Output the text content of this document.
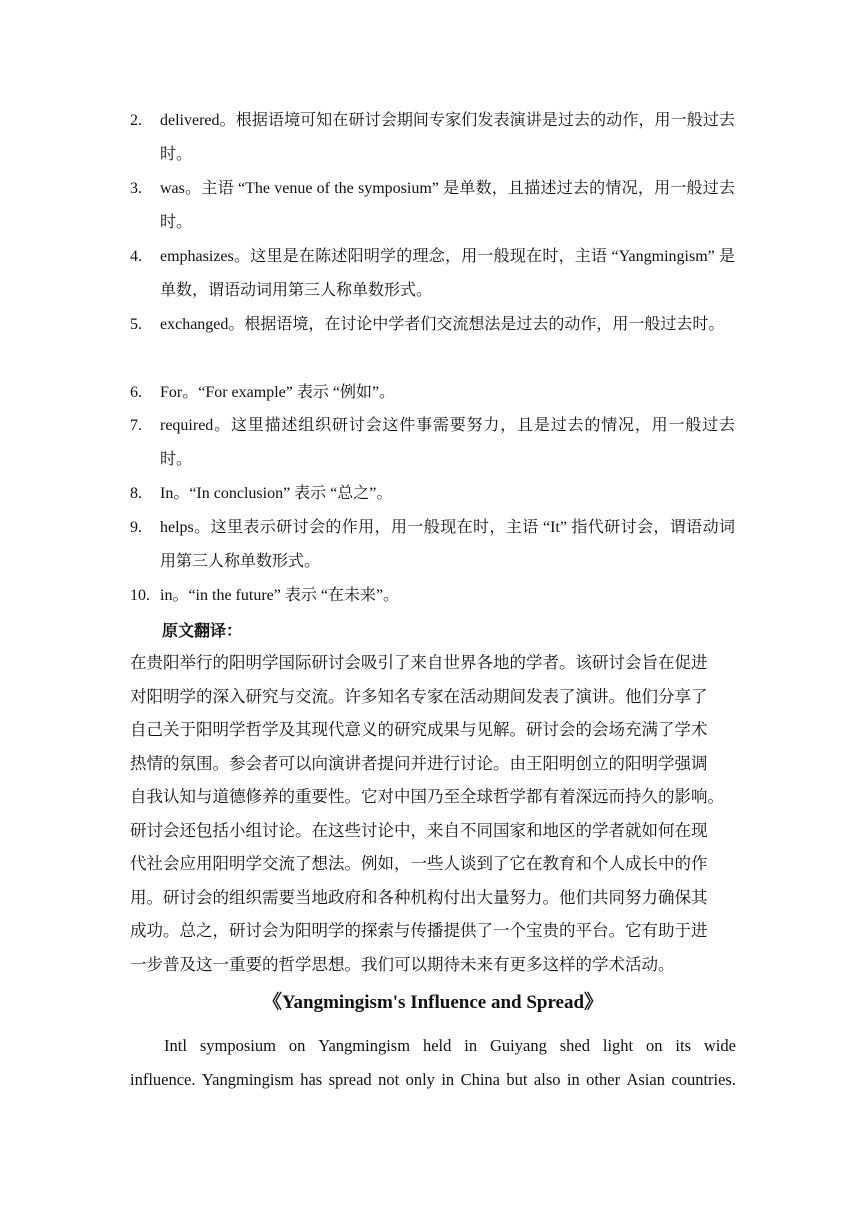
2.	delivered。根据语境可知在研讨会期间专家们发表演讲是过去的动作，用一般过去时。
3.	was。主语 “The venue of the symposium” 是单数，且描述过去的情况，用一般过去时。
4.	emphasizes。这里是在陈述阳明学的理念，用一般现在时，主语 “Yangmingism” 是单数，谓语动词用第三人称单数形式。
5.	exchanged。根据语境，在讨论中学者们交流想法是过去的动作，用一般过去时。
6.	For。“For example” 表示 “例如”。
7.	required。这里描述组织研讨会这件事需要努力，且是过去的情况，用一般过去时。
8.	In。“In conclusion” 表示 “总之”。
9.	helps。这里表示研讨会的作用，用一般现在时，主语 “It” 指代研讨会，谓语动词用第三人称单数形式。
10. in。“in the future” 表示 “在未来”。
原文翻译：
在贵阳举行的阳明学国际研讨会吸引了来自世界各地的学者。该研讨会旨在促进
对阳明学的深入研究与交流。许多知名专家在活动期间发表了演讲。他们分享了
自己关于阳明学哲学及其现代意义的研究成果与见解。研讨会的会场充满了学术
热情的氛围。参会者可以向演讲者提问并进行讨论。由王阳明创立的阳明学强调
自我认知与道德修养的重要性。它对中国乃至全球哲学都有着深远而持久的影响。
研讨会还包括小组讨论。在这些讨论中，来自不同国家和地区的学者就如何在现
代社会应用阳明学交流了想法。例如，一些人谈到了它在教育和个人成长中的作
用。研讨会的组织需要当地政府和各种机构付出大量努力。他们共同努力确保其
成功。总之，研讨会为阳明学的探索与传播提供了一个宝贵的平台。它有助于进
一步普及这一重要的哲学思想。我们可以期待未来有更多这样的学术活动。
《Yangmingism's Influence and Spread》
Intl symposium on Yangmingism held in Guiyang shed light on its wide
influence. Yangmingism has spread not only in China but also in other Asian countries.
